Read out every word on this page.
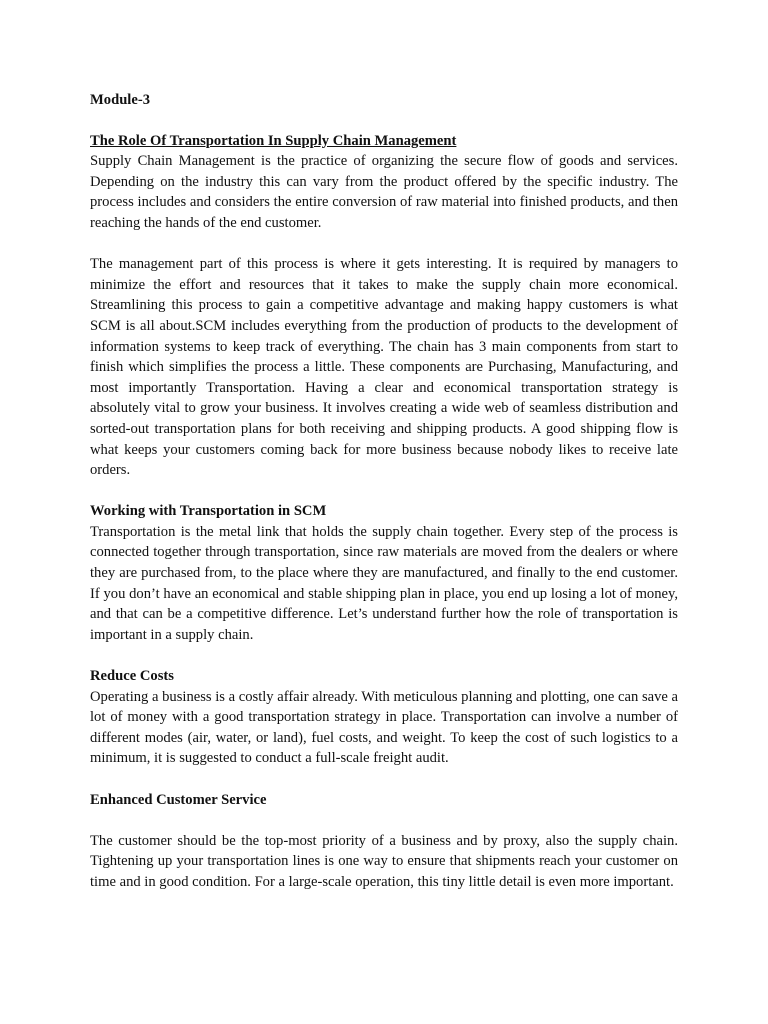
Module-3
The Role Of Transportation In Supply Chain Management

Supply Chain Management is the practice of organizing the secure flow of goods and services. Depending on the industry this can vary from the product offered by the specific industry. The process includes and considers the entire conversion of raw material into finished products, and then reaching the hands of the end customer.

The management part of this process is where it gets interesting. It is required by managers to minimize the effort and resources that it takes to make the supply chain more economical. Streamlining this process to gain a competitive advantage and making happy customers is what SCM is all about.SCM includes everything from the production of products to the development of information systems to keep track of everything. The chain has 3 main components from start to finish which simplifies the process a little. These components are Purchasing, Manufacturing, and most importantly Transportation. Having a clear and economical transportation strategy is absolutely vital to grow your business. It involves creating a wide web of seamless distribution and sorted-out transportation plans for both receiving and shipping products. A good shipping flow is what keeps your customers coming back for more business because nobody likes to receive late orders.

Working with Transportation in SCM

Transportation is the metal link that holds the supply chain together. Every step of the process is connected together through transportation, since raw materials are moved from the dealers or where they are purchased from, to the place where they are manufactured, and finally to the end customer. If you don’t have an economical and stable shipping plan in place, you end up losing a lot of money, and that can be a competitive difference. Let’s understand further how the role of transportation is important in a supply chain.

Reduce Costs

Operating a business is a costly affair already. With meticulous planning and plotting, one can save a lot of money with a good transportation strategy in place. Transportation can involve a number of different modes (air, water, or land), fuel costs, and weight. To keep the cost of such logistics to a minimum, it is suggested to conduct a full-scale freight audit.

Enhanced Customer Service

The customer should be the top-most priority of a business and by proxy, also the supply chain. Tightening up your transportation lines is one way to ensure that shipments reach your customer on time and in good condition. For a large-scale operation, this tiny little detail is even more important.
